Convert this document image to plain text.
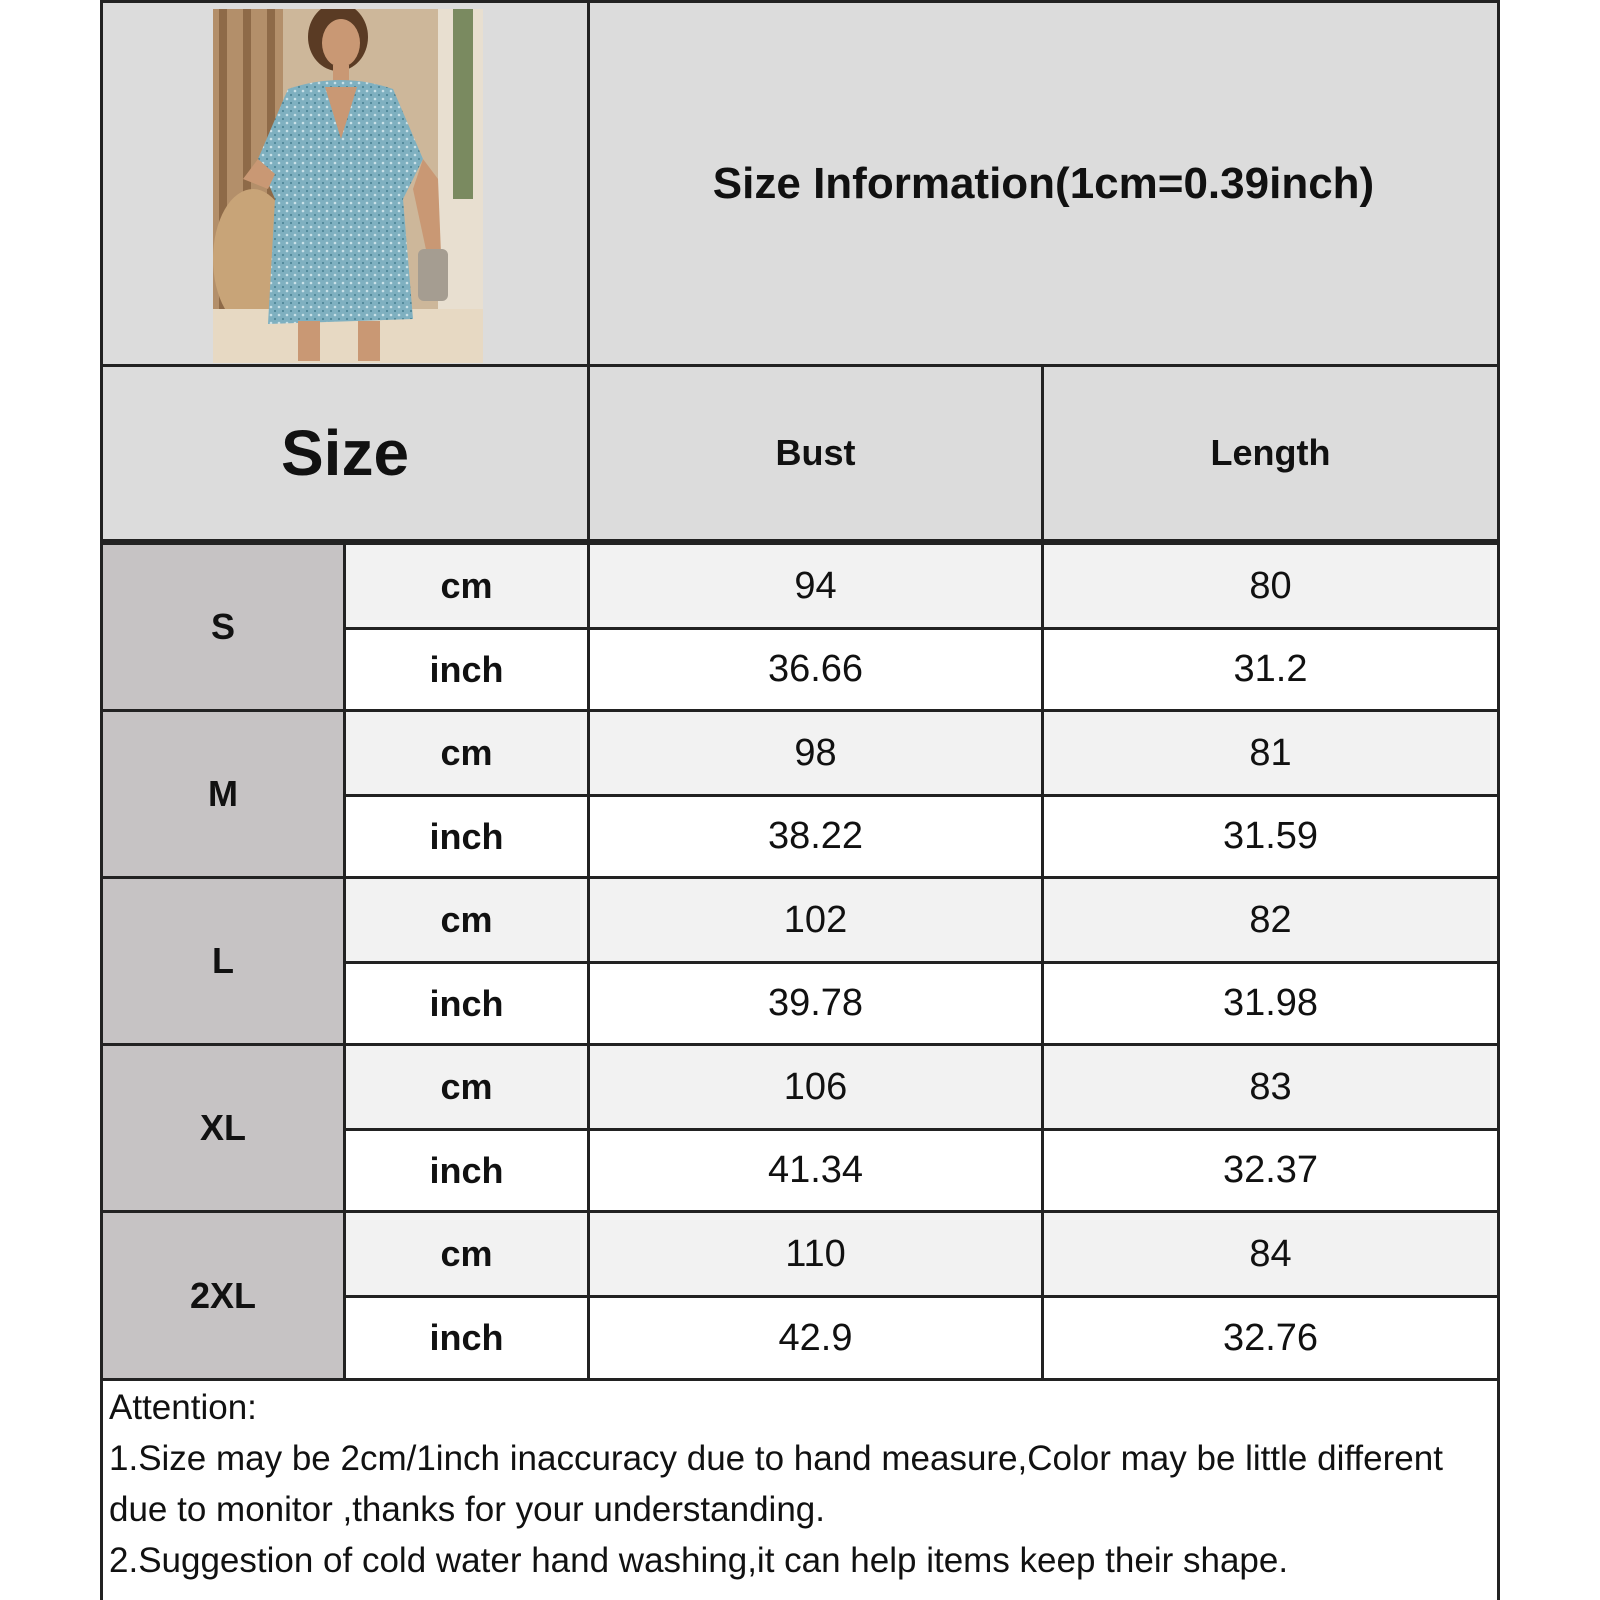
Size Information(1cm=0.39inch)
Size	Bust	Length
S
cm	94	80
inch	36.66	31.2
M
cm	98	81
inch	38.22	31.59
L
cm	102	82
inch	39.78	31.98
XL
cm	106	83
inch	41.34	32.37
2XL
cm	110	84
inch	42.9	32.76
Attention:
1.Size may be 2cm/1inch inaccuracy due to hand measure,Color may be little different due to monitor ,thanks for your understanding.
2.Suggestion of cold water hand washing,it can help items keep their shape.
